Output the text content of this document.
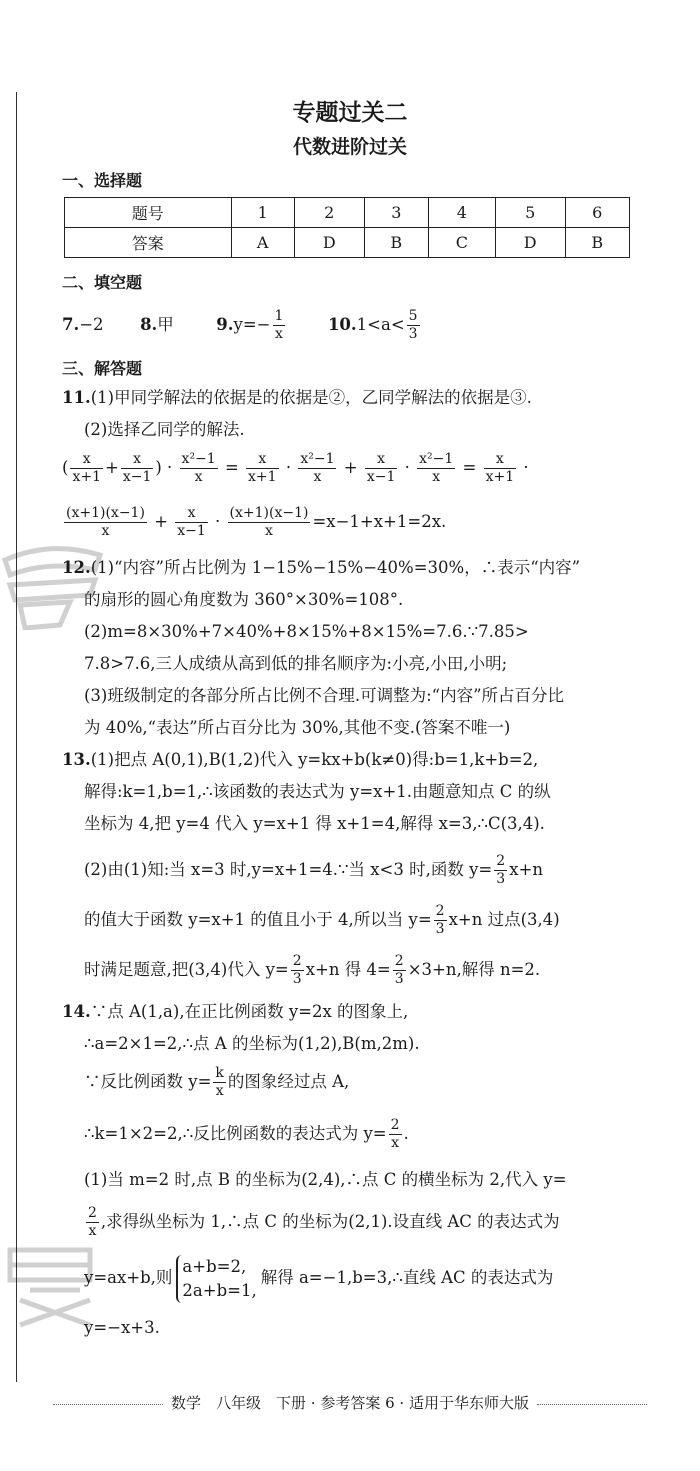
专题过关二
代数进阶过关
一、选择题
题号	1	2	3	4	5	6
答案	A	D	B	C	D	B
二、填空题
7.−2 8.甲	$9.y=- \frac{1}{x}$	$10.1<a< \frac{5}{3}$
三、解答题
11.(1)甲同学解法的依据是的依据是②，乙同学解法的依据是③.
(2)选择乙同学的解法.
( $\frac{x}{x+1} + \frac{x}{x-1}$ ) · $\frac{\text{x²−1}}{x} = \frac{x}{x+1} \cdot \frac{\text{x²−1}}{x} + \frac{x}{x-1} \cdot \frac{\text{x²−1}}{x} = \frac{x}{x+1}$ ·
$\frac{(x+1)(x-1)}{x} + \frac{x}{x-1} \cdot \frac{(x+1)(x-1)}{x} =x-1+x+1=2x$.
12.(1)“内容”所占比例为 1−15%−15%−40%=30%，∴表示“内容”
的扇形的圆心角度数为 360°×30%=108°.
(2)m=8×30%+7×40%+8×15%+8×15%=7.6.∵7.85>
7.8>7.6,三人成绩从高到低的排名顺序为:小亮,小田,小明;
(3)班级制定的各部分所占比例不合理.可调整为:“内容”所占百分比
为 40%,“表达”所占百分比为 30%,其他不变.(答案不唯一)
13.(1)把点 A(0,1),B(1,2)代入 y=kx+b(k≠0)得:b=1,k+b=2,
解得:k=1,b=1,∴该函数的表达式为 y=x+1.由题意知点 C 的纵
坐标为 4,把 y=4 代入 y=x+1 得 x+1=4,解得 x=3,∴C(3,4).
(2)由(1)知:当 x=3 时,y=x+1=4.∵当 x<3 时,函数 $y= \frac{2}{3} x+n$
的值大于函数 y=x+1 的值且小于 4,所以当 $y= \frac{2}{3} x+n$ 过点(3,4)
时满足题意,把(3,4)代入 $y= \frac{2}{3} x+n$ 得 $4= \frac{2}{3} \times 3+n$,解得 n=2.
14.∵点 A(1,a),在正比例函数 y=2x 的图象上,
∴a=2×1=2,∴点 A 的坐标为(1,2),B(m,2m).
∵反比例函数 $y= \frac{k}{x}$ 的图象经过点 A,
∴k=1×2=2,∴反比例函数的表达式为 $y= \frac{2}{x}$ .
(1)当 m=2 时,点 B 的坐标为(2,4),∴点 C 的横坐标为 2,代入 y=
$\frac{2}{x}$ ,求得纵坐标为 1,∴点 C 的坐标为(2,1).设直线 AC 的表达式为
y=ax+b,则
a+b=2,
2a+b=1,
解得 a=−1,b=3,∴直线 AC 的表达式为
y=−x+3.
数学　八年级　下册 · 参考答案 6 · 适用于华东师大版
